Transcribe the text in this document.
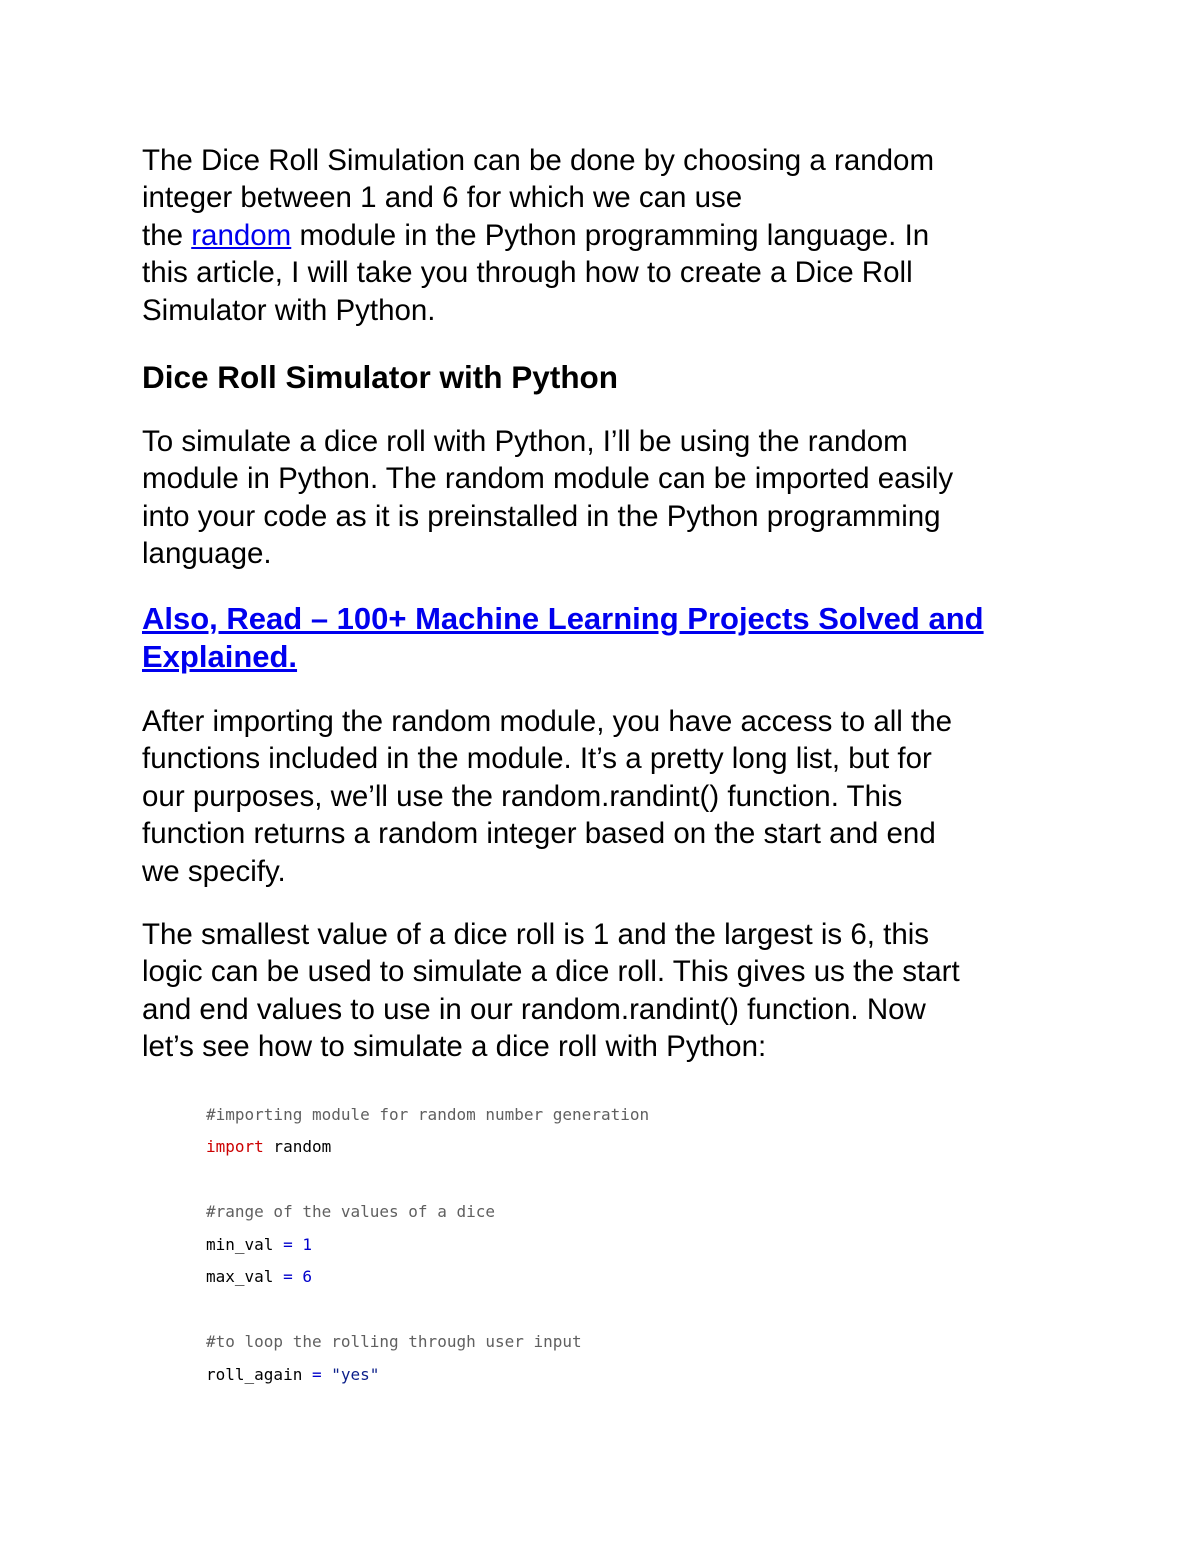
The Dice Roll Simulation can be done by choosing a random
integer between 1 and 6 for which we can use
the random module in the Python programming language. In
this article, I will take you through how to create a Dice Roll
Simulator with Python.
Dice Roll Simulator with Python
To simulate a dice roll with Python, I’ll be using the random
module in Python. The random module can be imported easily
into your code as it is preinstalled in the Python programming
language.
Also, Read – 100+ Machine Learning Projects Solved and
Explained.
After importing the random module, you have access to all the
functions included in the module. It’s a pretty long list, but for
our purposes, we’ll use the random.randint() function. This
function returns a random integer based on the start and end
we specify.
The smallest value of a dice roll is 1 and the largest is 6, this
logic can be used to simulate a dice roll. This gives us the start
and end values to use in our random.randint() function. Now
let’s see how to simulate a dice roll with Python:
#importing module for random number generation
import random
#range of the values of a dice
min_val = 1
max_val = 6
#to loop the rolling through user input
roll_again = "yes"
